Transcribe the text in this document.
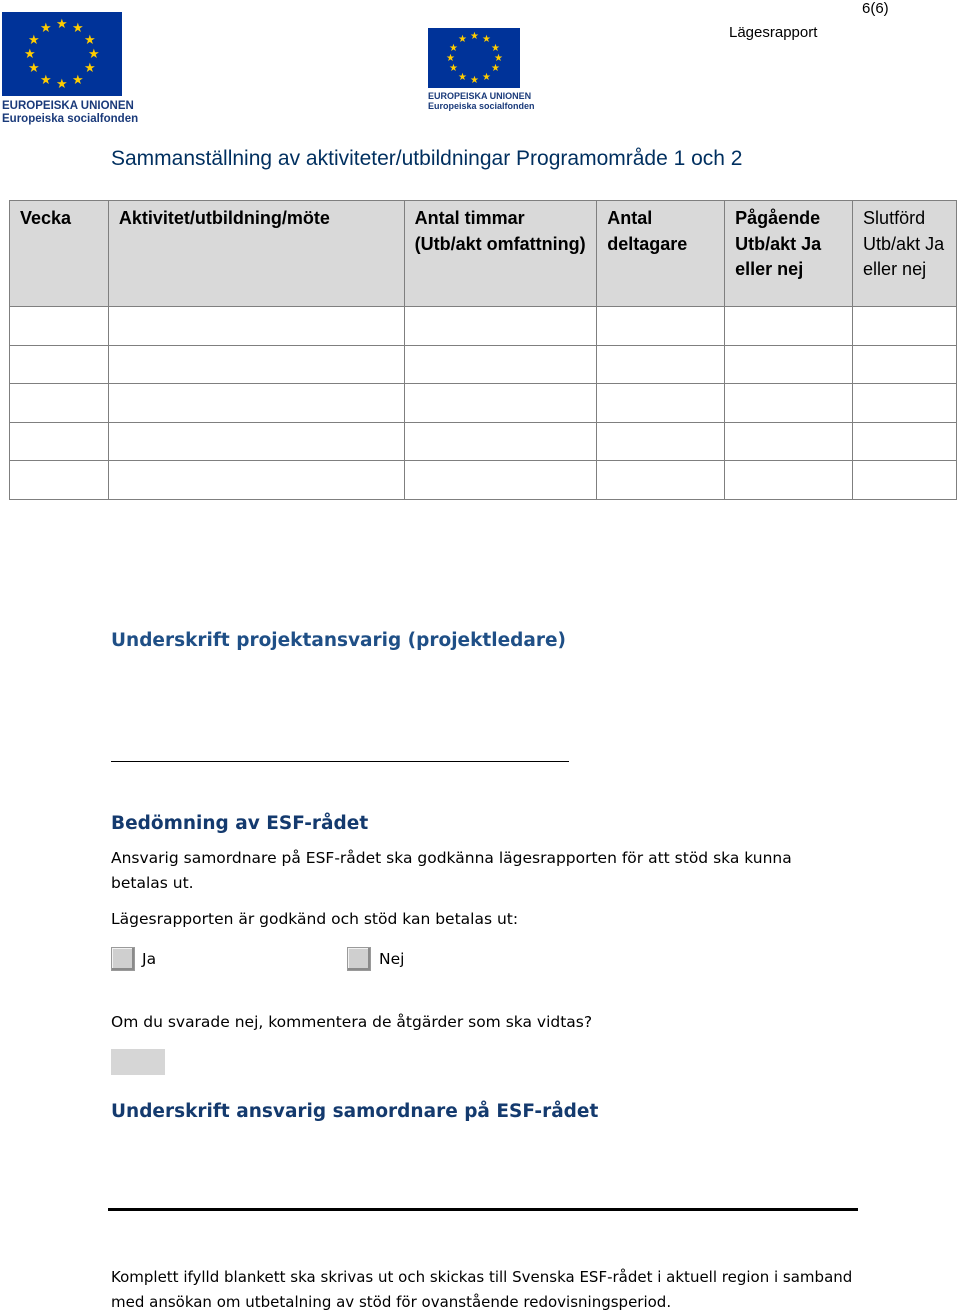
6(6)
Lägesrapport
★ ★
★
★
★
★
★
★
★
★
★
★
EUROPEISKA UNIONEN
Europeiska socialfonden
★ ★
★
★
★
★
★
★
★
★
★
★
EUROPEISKA UNIONEN
Europeiska socialfonden
Sammanställning av aktiviteter/utbildningar Programområde 1 och 2
Vecka	Aktivitet/utbildning/möte	Antal timmar (Utb/akt omfattning)	Antal deltagare	Pågående Utb/akt Ja eller nej	Slutförd Utb/akt Ja eller nej

Underskrift projektansvarig (projektledare)
Bedömning av ESF-rådet
Ansvarig samordnare på ESF-rådet ska godkänna lägesrapporten för att stöd ska kunna betalas ut.
Lägesrapporten är godkänd och stöd kan betalas ut:
Ja	Nej
Om du svarade nej, kommentera de åtgärder som ska vidtas?
Underskrift ansvarig samordnare på ESF-rådet
Komplett ifylld blankett ska skrivas ut och skickas till Svenska ESF-rådet i aktuell region i samband med ansökan om utbetalning av stöd för ovanstående redovisningsperiod.
